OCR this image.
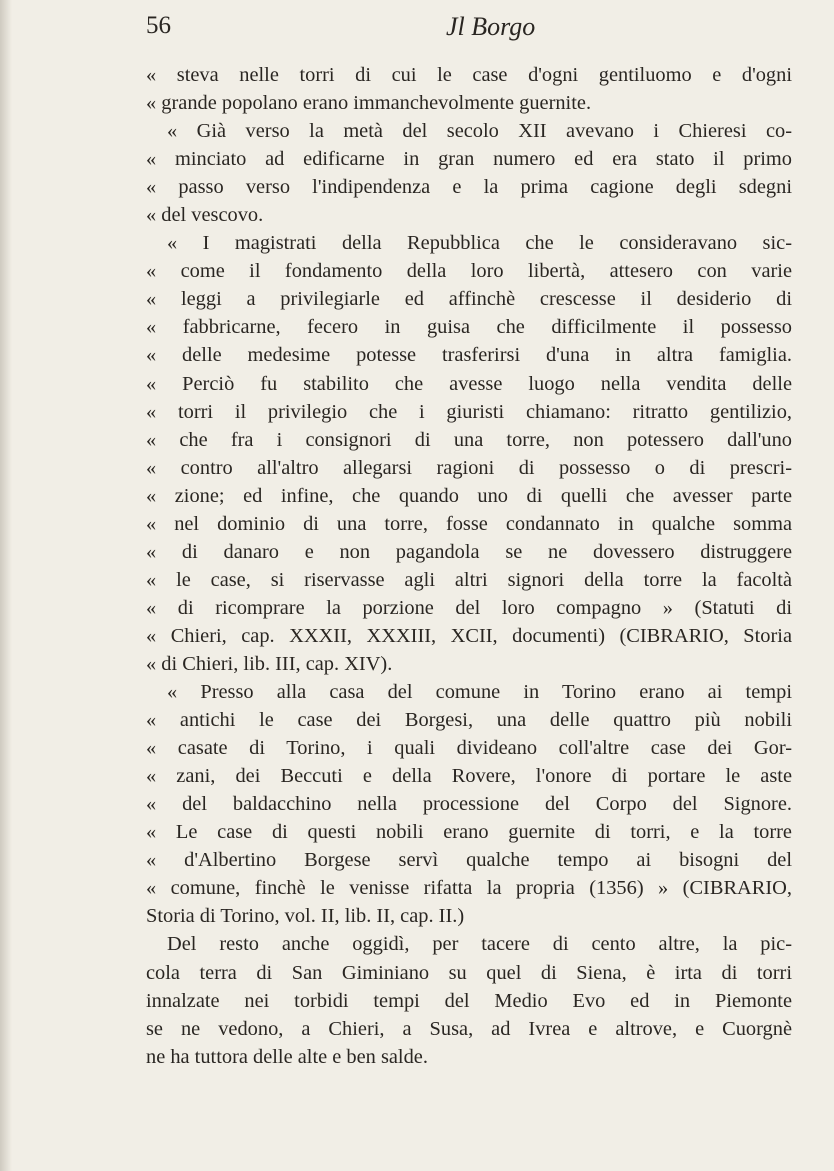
56	Jl Borgo
« steva nelle torri di cui le case d'ogni gentiluomo e d'ogni
« grande popolano erano immanchevolmente guernite.
« Già verso la metà del secolo XII avevano i Chieresi co-
« minciato ad edificarne in gran numero ed era stato il primo
« passo verso l'indipendenza e la prima cagione degli sdegni
« del vescovo.
« I magistrati della Repubblica che le consideravano sic-
« come il fondamento della loro libertà, attesero con varie
« leggi a privilegiarle ed affinchè crescesse il desiderio di
« fabbricarne, fecero in guisa che difficilmente il possesso
« delle medesime potesse trasferirsi d'una in altra famiglia.
« Perciò fu stabilito che avesse luogo nella vendita delle
« torri il privilegio che i giuristi chiamano: ritratto gentilizio,
« che fra i consignori di una torre, non potessero dall'uno
« contro all'altro allegarsi ragioni di possesso o di prescri-
« zione; ed infine, che quando uno di quelli che avesser parte
« nel dominio di una torre, fosse condannato in qualche somma
« di danaro e non pagandola se ne dovessero distruggere
« le case, si riservasse agli altri signori della torre la facoltà
« di ricomprare la porzione del loro compagno » (Statuti di
« Chieri, cap. XXXII, XXXIII, XCII, documenti) (CIBRARIO, Storia
« di Chieri, lib. III, cap. XIV).
« Presso alla casa del comune in Torino erano ai tempi
« antichi le case dei Borgesi, una delle quattro più nobili
« casate di Torino, i quali divideano coll'altre case dei Gor-
« zani, dei Beccuti e della Rovere, l'onore di portare le aste
« del baldacchino nella processione del Corpo del Signore.
« Le case di questi nobili erano guernite di torri, e la torre
« d'Albertino Borgese servì qualche tempo ai bisogni del
« comune, finchè le venisse rifatta la propria (1356) » (CIBRARIO,
Storia di Torino, vol. II, lib. II, cap. II.)
Del resto anche oggidì, per tacere di cento altre, la pic-
cola terra di San Giminiano su quel di Siena, è irta di torri
innalzate nei torbidi tempi del Medio Evo ed in Piemonte
se ne vedono, a Chieri, a Susa, ad Ivrea e altrove, e Cuorgnè
ne ha tuttora delle alte e ben salde.
